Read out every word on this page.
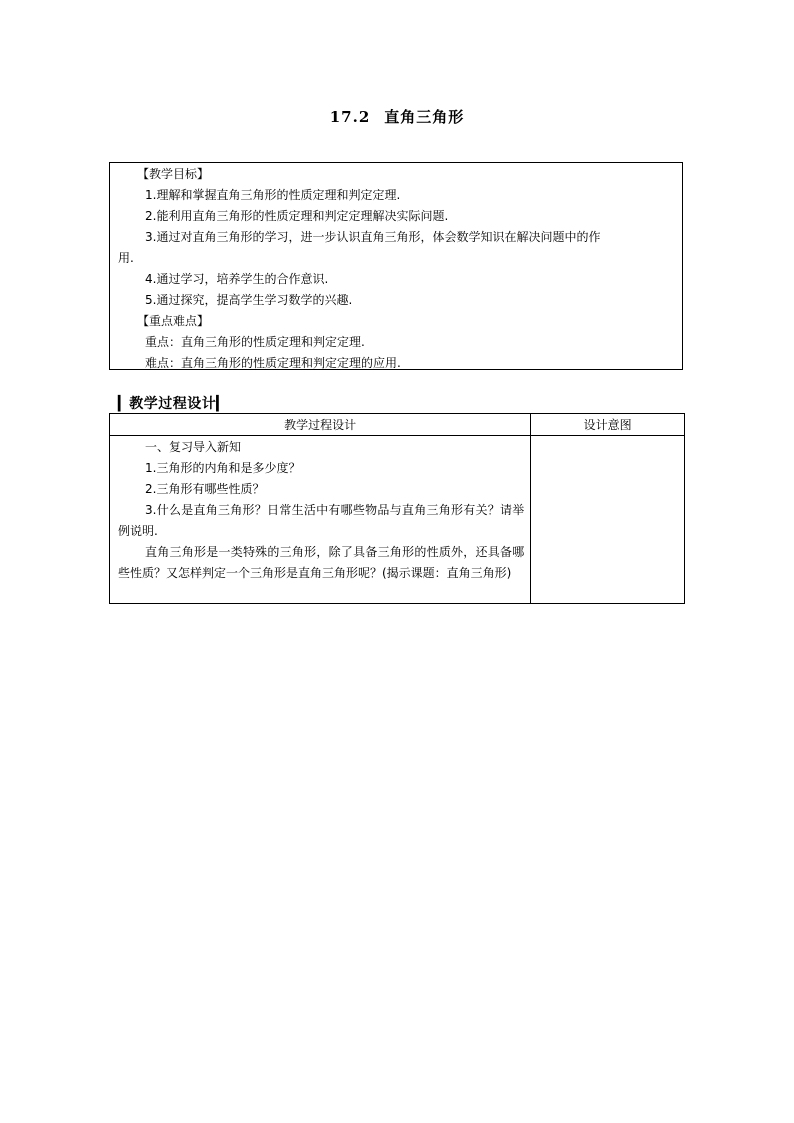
17.2 直角三角形

【教学目标】

1.理解和掌握直角三角形的性质定理和判定定理.

2.能利用直角三角形的性质定理和判定定理解决实际问题.

3.通过对直角三角形的学习，进一步认识直角三角形，体会数学知识在解决问题中的作

用.

4.通过学习，培养学生的合作意识.

5.通过探究，提高学生学习数学的兴趣.

【重点难点】

重点：直角三角形的性质定理和判定定理.

难点：直角三角形的性质定理和判定定理的应用.

▎教学过程设计▎
教学过程设计	设计意图

一、复习导入新知

1.三角形的内角和是多少度？

2.三角形有哪些性质？

3.什么是直角三角形？日常生活中有哪些物品与直角三角形有关？请举例说明.

直角三角形是一类特殊的三角形，除了具备三角形的性质外，还具备哪些性质？又怎样判定一个三角形是直角三角形呢？(揭示课题：直角三角形)	
